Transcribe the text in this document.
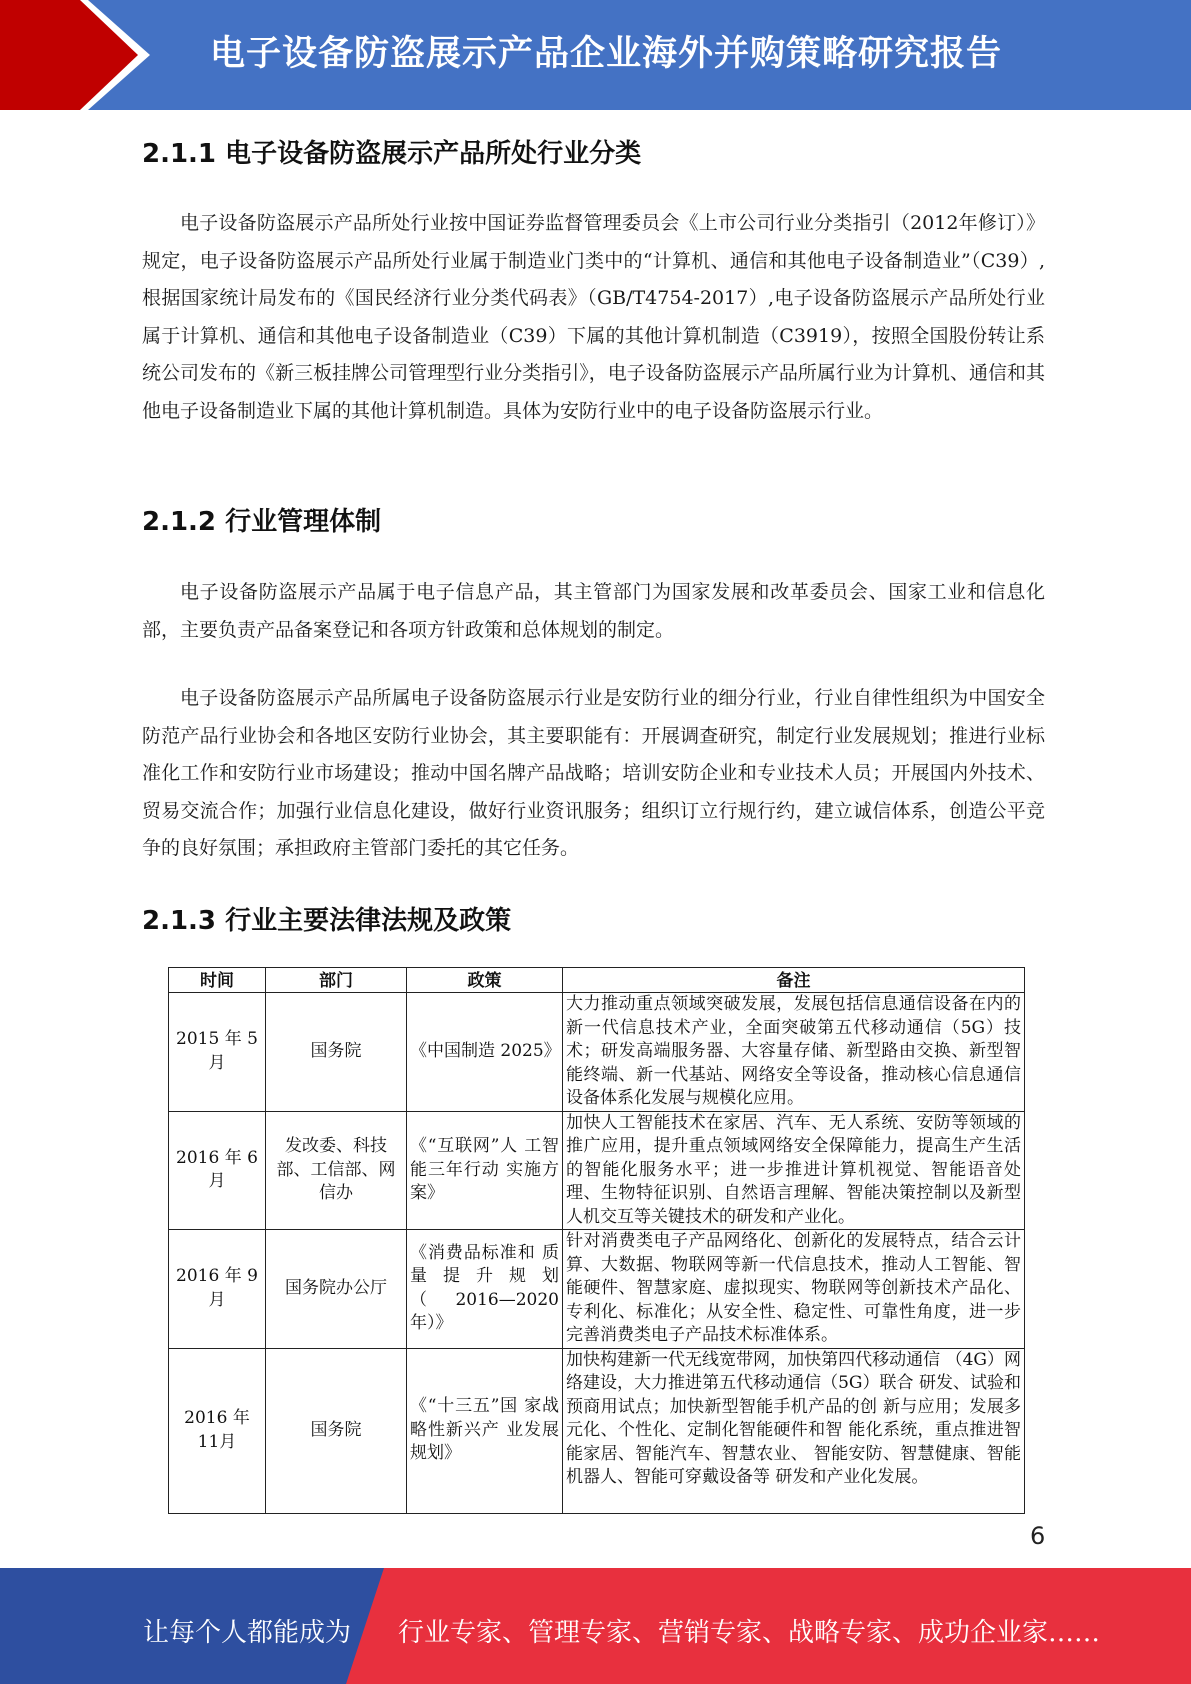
电子设备防盗展示产品企业海外并购策略研究报告
2.1.1 电子设备防盗展示产品所处行业分类

电子设备防盗展示产品所处行业按中国证券监督管理委员会《上市公司行业分类指引（2012年修订）》规定，电子设备防盗展示产品所处行业属于制造业门类中的“计算机、通信和其他电子设备制造业”（C39）,根据国家统计局发布的《国民经济行业分类代码表》（GB/T4754-2017）,电子设备防盗展示产品所处行业属于计算机、通信和其他电子设备制造业（C39）下属的其他计算机制造（C3919），按照全国股份转让系统公司发布的《新三板挂牌公司管理型行业分类指引》，电子设备防盗展示产品所属行业为计算机、通信和其他电子设备制造业下属的其他计算机制造。具体为安防行业中的电子设备防盗展示行业。

2.1.2 行业管理体制

电子设备防盗展示产品属于电子信息产品，其主管部门为国家发展和改革委员会、国家工业和信息化部，主要负责产品备案登记和各项方针政策和总体规划的制定。

电子设备防盗展示产品所属电子设备防盗展示行业是安防行业的细分行业，行业自律性组织为中国安全防范产品行业协会和各地区安防行业协会，其主要职能有：开展调查研究，制定行业发展规划；推进行业标准化工作和安防行业市场建设；推动中国名牌产品战略；培训安防企业和专业技术人员；开展国内外技术、贸易交流合作；加强行业信息化建设，做好行业资讯服务；组织订立行规行约，建立诚信体系，创造公平竞争的良好氛围；承担政府主管部门委托的其它任务。

2.1.3 行业主要法律法规及政策
时间	部门	政策	备注
2015 年 5月	国务院	《中国制造 2025》	大力推动重点领域突破发展，发展包括信息通信设备在内的新一代信息技术产业，全面突破第五代移动通信（5G）技术；研发高端服务器、大容量存储、新型路由交换、新型智能终端、新一代基站、网络安全等设备，推动核心信息通信设备体系化发展与规模化应用。
2016 年 6月	发改委、科技部、工信部、网信办	《“互联网”人 工智能三年行动 实施方案》	加快人工智能技术在家居、汽车、无人系统、安防等领域的推广应用，提升重点领域网络安全保障能力，提高生产生活的智能化服务水平；进一步推进计算机视觉、智能语音处理、生物特征识别、自然语言理解、智能决策控制以及新型人机交互等关键技术的研发和产业化。
2016 年 9月	国务院办公厅	《消费品标准和 质量提升规划 （2016—2020 年）》	针对消费类电子产品网络化、创新化的发展特点，结合云计算、大数据、物联网等新一代信息技术，推动人工智能、智能硬件、智慧家庭、虚拟现实、物联网等创新技术产品化、专利化、标准化；从安全性、稳定性、可靠性角度，进一步完善消费类电子产品技术标准体系。
2016 年 11月	国务院	《“十三五”国 家战略性新兴产 业发展规划》	加快构建新一代无线宽带网，加快第四代移动通信 （4G）网络建设，大力推进第五代移动通信（5G）联合 研发、试验和预商用试点；加快新型智能手机产品的创 新与应用；发展多元化、个性化、定制化智能硬件和智 能化系统，重点推进智能家居、智能汽车、智慧农业、 智能安防、智慧健康、智能机器人、智能可穿戴设备等 研发和产业化发展。
6
让每个人都能成为 行业专家、管理专家、营销专家、战略专家、成功企业家……
